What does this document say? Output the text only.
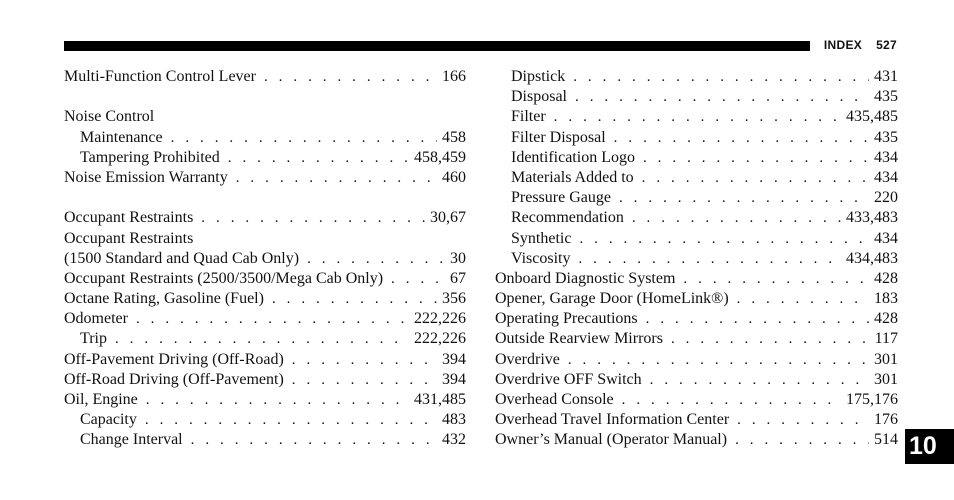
INDEX 527
Multi-Function Control Lever . . .	166
Noise Control
Maintenance . . .	458
Tampering Prohibited . . .	458,459
Noise Emission Warranty . . .	460
Occupant Restraints . . .	30,67
Occupant Restraints
(1500 Standard and Quad Cab Only) . . .	30
Occupant Restraints (2500/3500/Mega Cab Only) . . .	67
Octane Rating, Gasoline (Fuel) . . .	356
Odometer . . .	222,226
Trip . . .	222,226
Off-Pavement Driving (Off-Road) . . .	394
Off-Road Driving (Off-Pavement) . . .	394
Oil, Engine . . .	431,485
Capacity . . .	483
Change Interval . . .	432
Dipstick . . .	431
Disposal . . .	435
Filter . . .	435,485
Filter Disposal . . .	435
Identification Logo . . .	434
Materials Added to . . .	434
Pressure Gauge . . .	220
Recommendation . . .	433,483
Synthetic . . .	434
Viscosity . . .	434,483
Onboard Diagnostic System . . .	428
Opener, Garage Door (HomeLink®) . . .	183
Operating Precautions . . .	428
Outside Rearview Mirrors . . .	117
Overdrive . . .	301
Overdrive OFF Switch . . .	301
Overhead Console . . .	175,176
Overhead Travel Information Center . . .	176
Owner’s Manual (Operator Manual) . . .	514 10
